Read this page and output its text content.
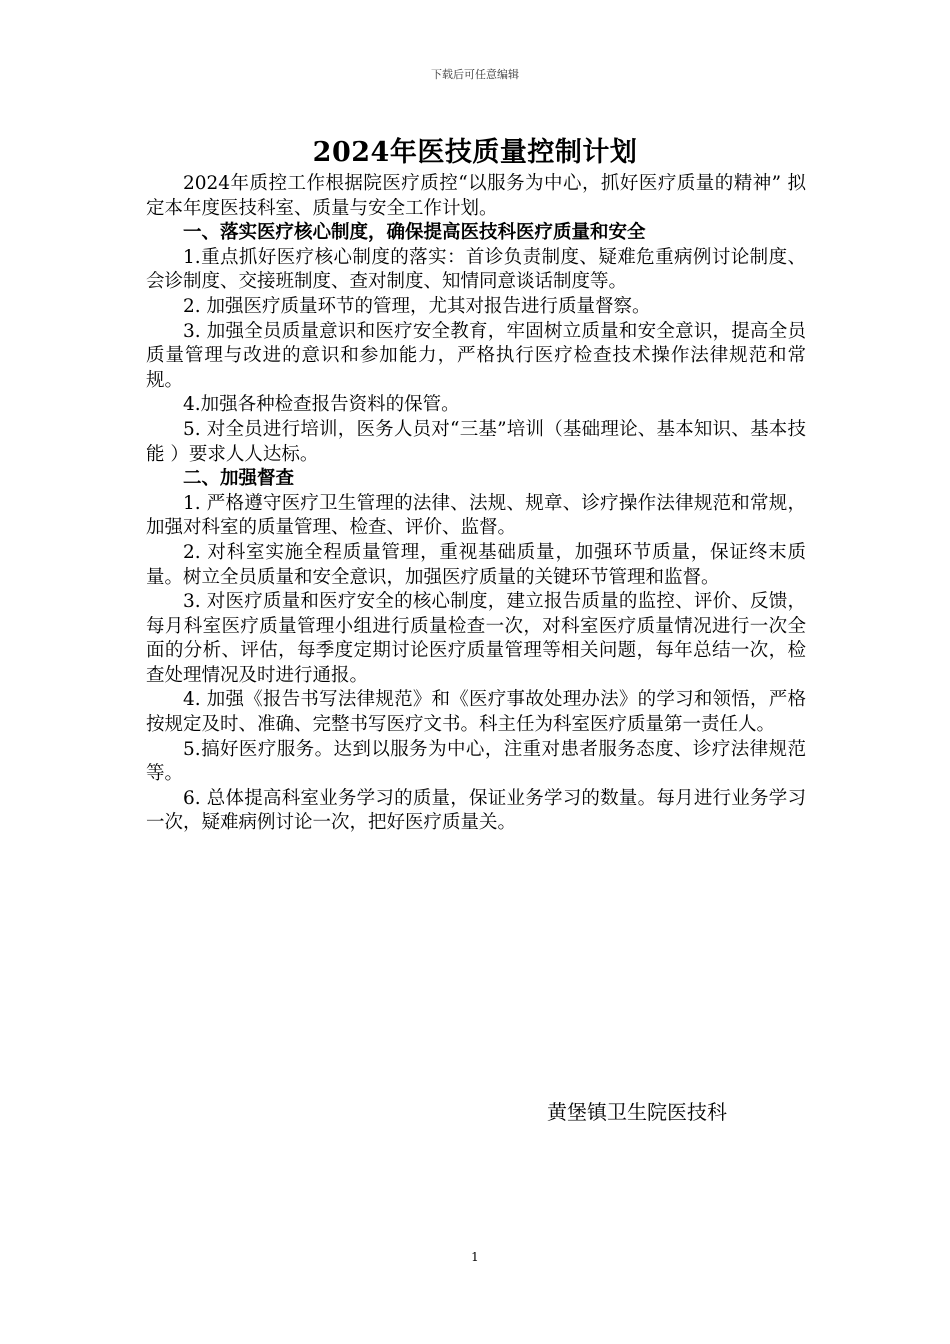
下载后可任意编辑
2024年医技质量控制计划

2024年质控工作根据院医疗质控“以服务为中心，抓好医疗质量的精神” 拟定本年度医技科室、质量与安全工作计划。

一、落实医疗核心制度，确保提高医技科医疗质量和安全

1.重点抓好医疗核心制度的落实：首诊负责制度、疑难危重病例讨论制度、会诊制度、交接班制度、查对制度、知情同意谈话制度等。

2. 加强医疗质量环节的管理，尤其对报告进行质量督察。

3. 加强全员质量意识和医疗安全教育，牢固树立质量和安全意识，提高全员质量管理与改进的意识和参加能力，严格执行医疗检查技术操作法律规范和常规。

4.加强各种检查报告资料的保管。

5. 对全员进行培训，医务人员对“三基”培训（基础理论、基本知识、基本技能 ）要求人人达标。

二、加强督查

1. 严格遵守医疗卫生管理的法律、法规、规章、诊疗操作法律规范和常规，加强对科室的质量管理、检查、评价、监督。

2. 对科室实施全程质量管理，重视基础质量，加强环节质量，保证终末质量。树立全员质量和安全意识，加强医疗质量的关键环节管理和监督。

3. 对医疗质量和医疗安全的核心制度，建立报告质量的监控、评价、反馈，每月科室医疗质量管理小组进行质量检查一次，对科室医疗质量情况进行一次全面的分析、评估，每季度定期讨论医疗质量管理等相关问题，每年总结一次，检查处理情况及时进行通报。

4. 加强《报告书写法律规范》和《医疗事故处理办法》的学习和领悟，严格按规定及时、准确、完整书写医疗文书。科主任为科室医疗质量第一责任人。

5.搞好医疗服务。达到以服务为中心，注重对患者服务态度、诊疗法律规范等。

6. 总体提高科室业务学习的质量，保证业务学习的数量。每月进行业务学习一次，疑难病例讨论一次，把好医疗质量关。

黄堡镇卫生院医技科
1
